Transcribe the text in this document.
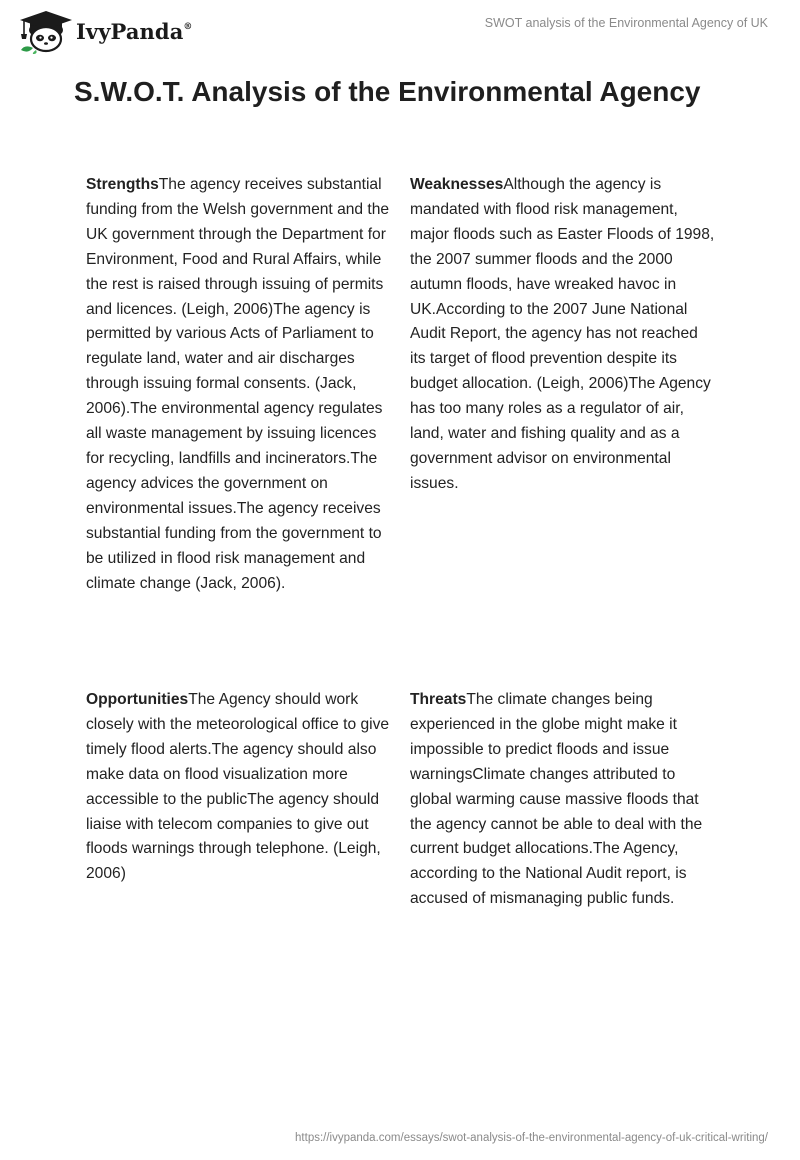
IvyPanda®	SWOT analysis of the Environmental Agency of UK
S.W.O.T. Analysis of the Environmental Agency
StrengthsThe agency receives substantial funding from the Welsh government and the UK government through the Department for Environment, Food and Rural Affairs, while the rest is raised through issuing of permits and licences. (Leigh, 2006)The agency is permitted by various Acts of Parliament to regulate land, water and air discharges through issuing formal consents. (Jack, 2006).The environmental agency regulates all waste management by issuing licences for recycling, landfills and incinerators.The agency advices the government on environmental issues.The agency receives substantial funding from the government to be utilized in flood risk management and climate change (Jack, 2006).
WeaknessesAlthough the agency is mandated with flood risk management, major floods such as Easter Floods of 1998, the 2007 summer floods and the 2000 autumn floods, have wreaked havoc in UK.According to the 2007 June National Audit Report, the agency has not reached its target of flood prevention despite its budget allocation. (Leigh, 2006)The Agency has too many roles as a regulator of air, land, water and fishing quality and as a government advisor on environmental issues.
OpportunitiesThe Agency should work closely with the meteorological office to give timely flood alerts.The agency should also make data on flood visualization more accessible to the publicThe agency should liaise with telecom companies to give out floods warnings through telephone. (Leigh, 2006)
ThreatsThe climate changes being experienced in the globe might make it impossible to predict floods and issue warningsClimate changes attributed to global warming cause massive floods that the agency cannot be able to deal with the current budget allocations.The Agency, according to the National Audit report, is accused of mismanaging public funds.
https://ivypanda.com/essays/swot-analysis-of-the-environmental-agency-of-uk-critical-writing/
